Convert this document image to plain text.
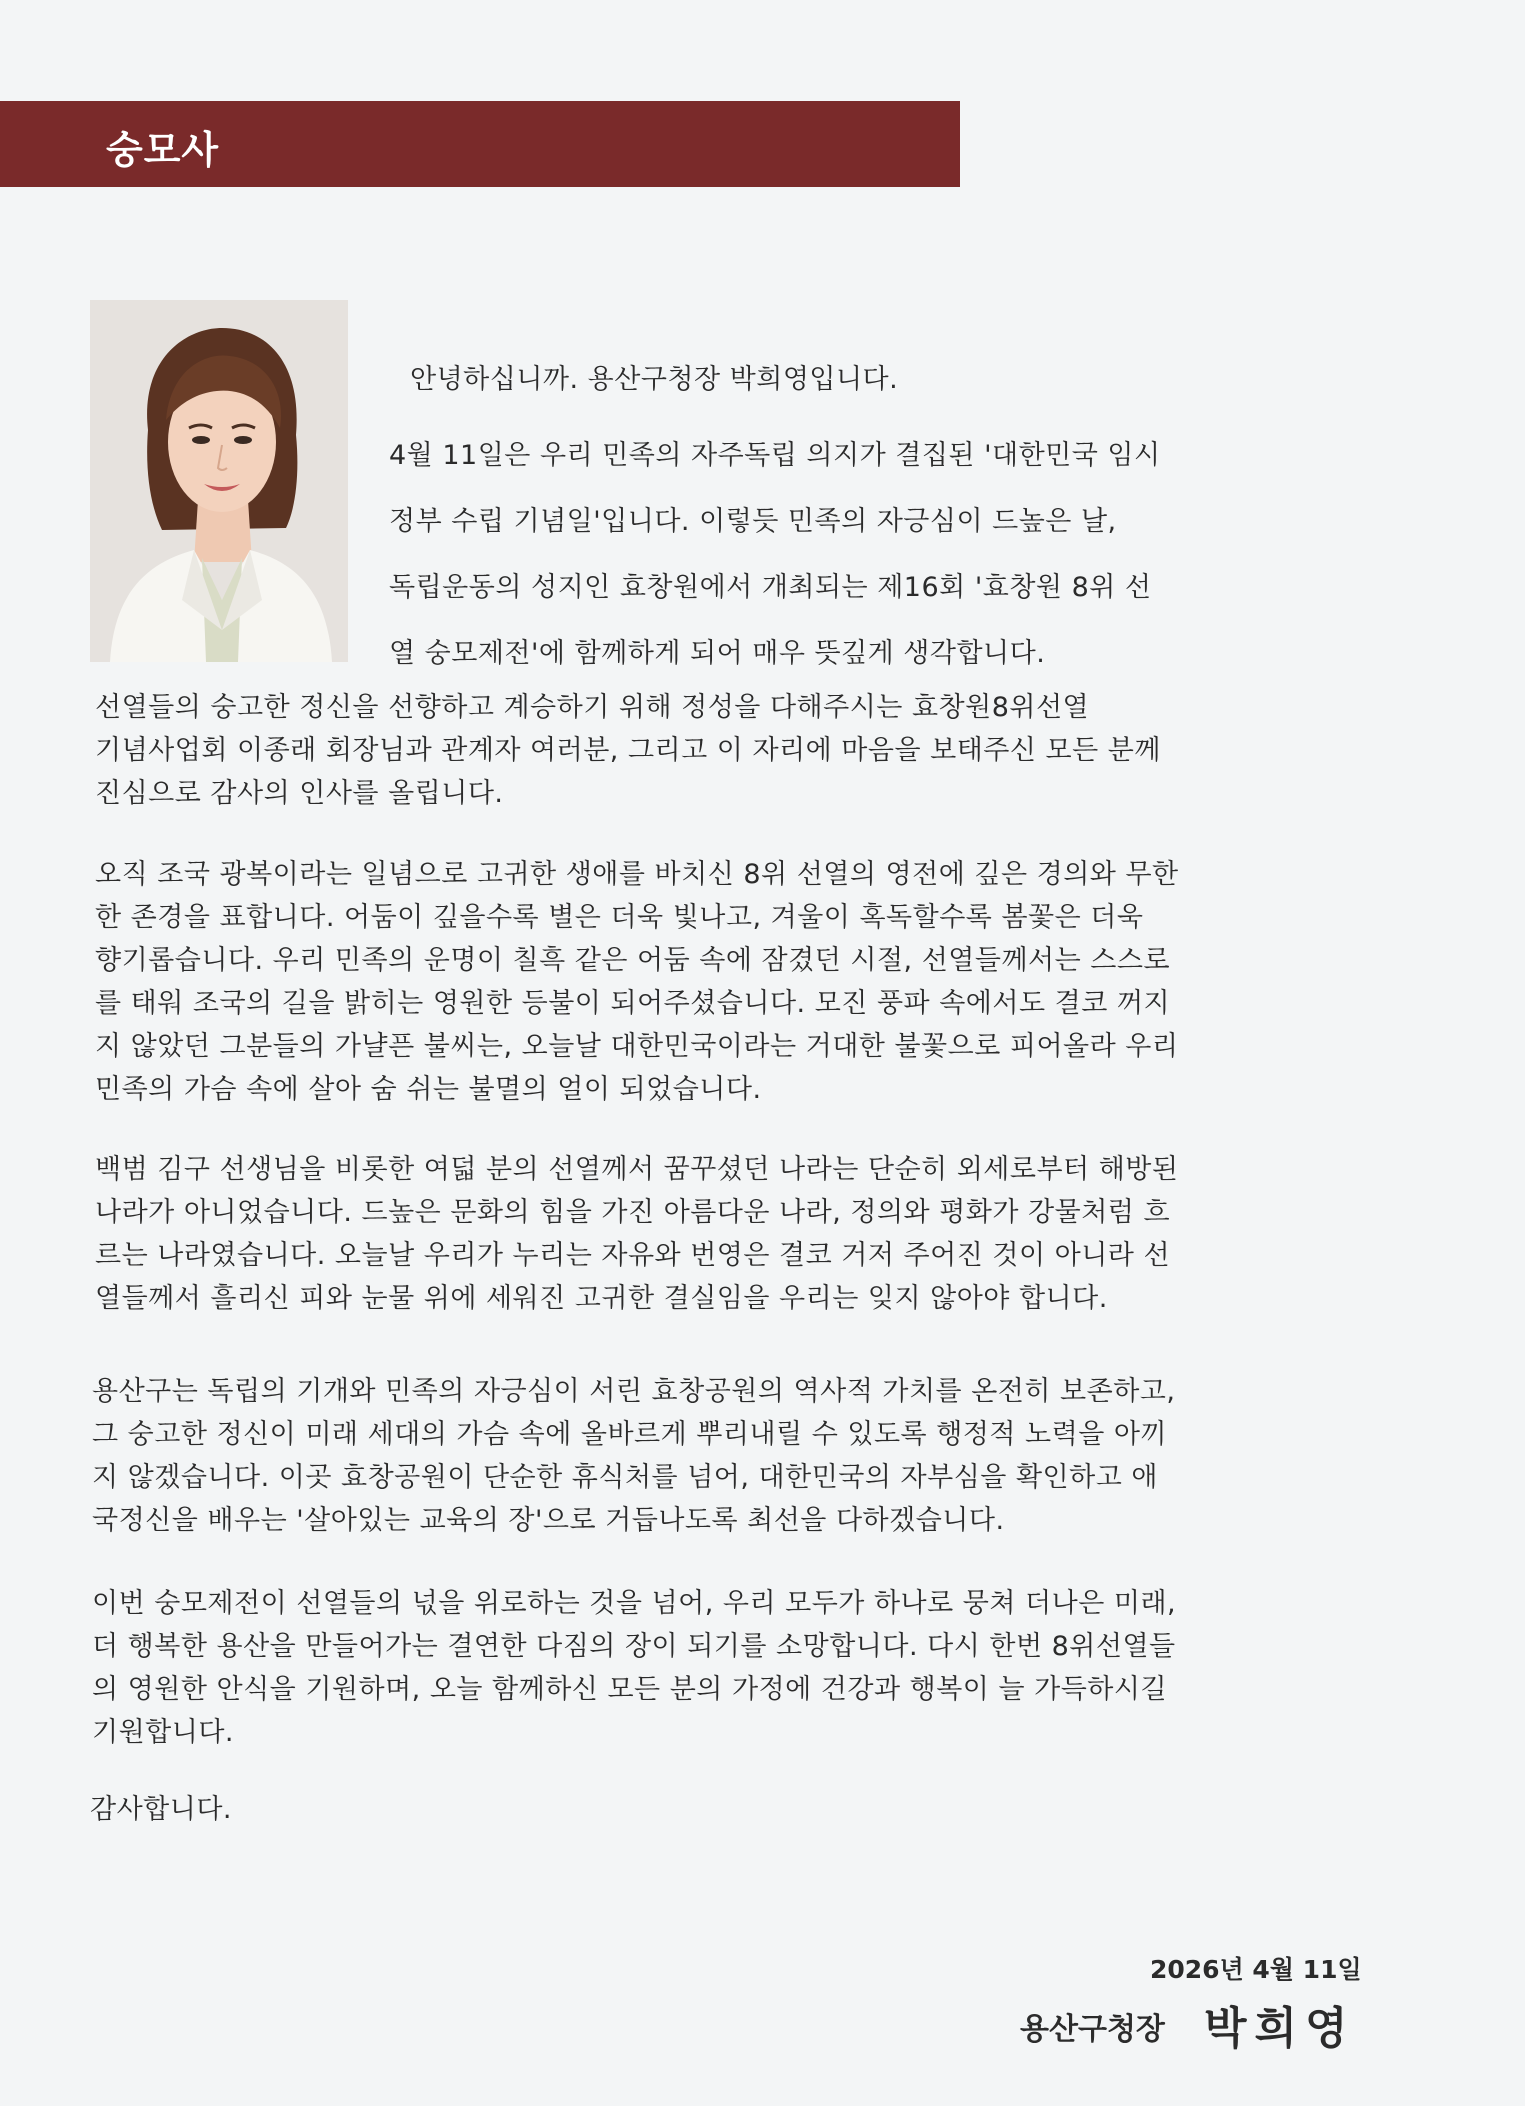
숭모사
안녕하십니까. 용산구청장 박희영입니다.
4월 11일은 우리 민족의 자주독립 의지가 결집된 '대한민국 임시
정부 수립 기념일'입니다. 이렇듯 민족의 자긍심이 드높은 날,
독립운동의 성지인 효창원에서 개최되는 제16회 '효창원 8위 선
열 숭모제전'에 함께하게 되어 매우 뜻깊게 생각합니다.
선열들의 숭고한 정신을 선향하고 계승하기 위해 정성을 다해주시는 효창원8위선열
기념사업회 이종래 회장님과 관계자 여러분, 그리고 이 자리에 마음을 보태주신 모든 분께
진심으로 감사의 인사를 올립니다.
오직 조국 광복이라는 일념으로 고귀한 생애를 바치신 8위 선열의 영전에 깊은 경의와 무한
한 존경을 표합니다. 어둠이 깊을수록 별은 더욱 빛나고, 겨울이 혹독할수록 봄꽃은 더욱
향기롭습니다. 우리 민족의 운명이 칠흑 같은 어둠 속에 잠겼던 시절, 선열들께서는 스스로
를 태워 조국의 길을 밝히는 영원한 등불이 되어주셨습니다. 모진 풍파 속에서도 결코 꺼지
지 않았던 그분들의 가냘픈 불씨는, 오늘날 대한민국이라는 거대한 불꽃으로 피어올라 우리
민족의 가슴 속에 살아 숨 쉬는 불멸의 얼이 되었습니다.
백범 김구 선생님을 비롯한 여덟 분의 선열께서 꿈꾸셨던 나라는 단순히 외세로부터 해방된
나라가 아니었습니다. 드높은 문화의 힘을 가진 아름다운 나라, 정의와 평화가 강물처럼 흐
르는 나라였습니다. 오늘날 우리가 누리는 자유와 번영은 결코 거저 주어진 것이 아니라 선
열들께서 흘리신 피와 눈물 위에 세워진 고귀한 결실임을 우리는 잊지 않아야 합니다.
용산구는 독립의 기개와 민족의 자긍심이 서린 효창공원의 역사적 가치를 온전히 보존하고,
그 숭고한 정신이 미래 세대의 가슴 속에 올바르게 뿌리내릴 수 있도록 행정적 노력을 아끼
지 않겠습니다. 이곳 효창공원이 단순한 휴식처를 넘어, 대한민국의 자부심을 확인하고 애
국정신을 배우는 '살아있는 교육의 장'으로 거듭나도록 최선을 다하겠습니다.
이번 숭모제전이 선열들의 넋을 위로하는 것을 넘어, 우리 모두가 하나로 뭉쳐 더나은 미래,
더 행복한 용산을 만들어가는 결연한 다짐의 장이 되기를 소망합니다. 다시 한번 8위선열들
의 영원한 안식을 기원하며, 오늘 함께하신 모든 분의 가정에 건강과 행복이 늘 가득하시길
기원합니다.
감사합니다.
2026년 4월 11일
용산구청장 박희영
